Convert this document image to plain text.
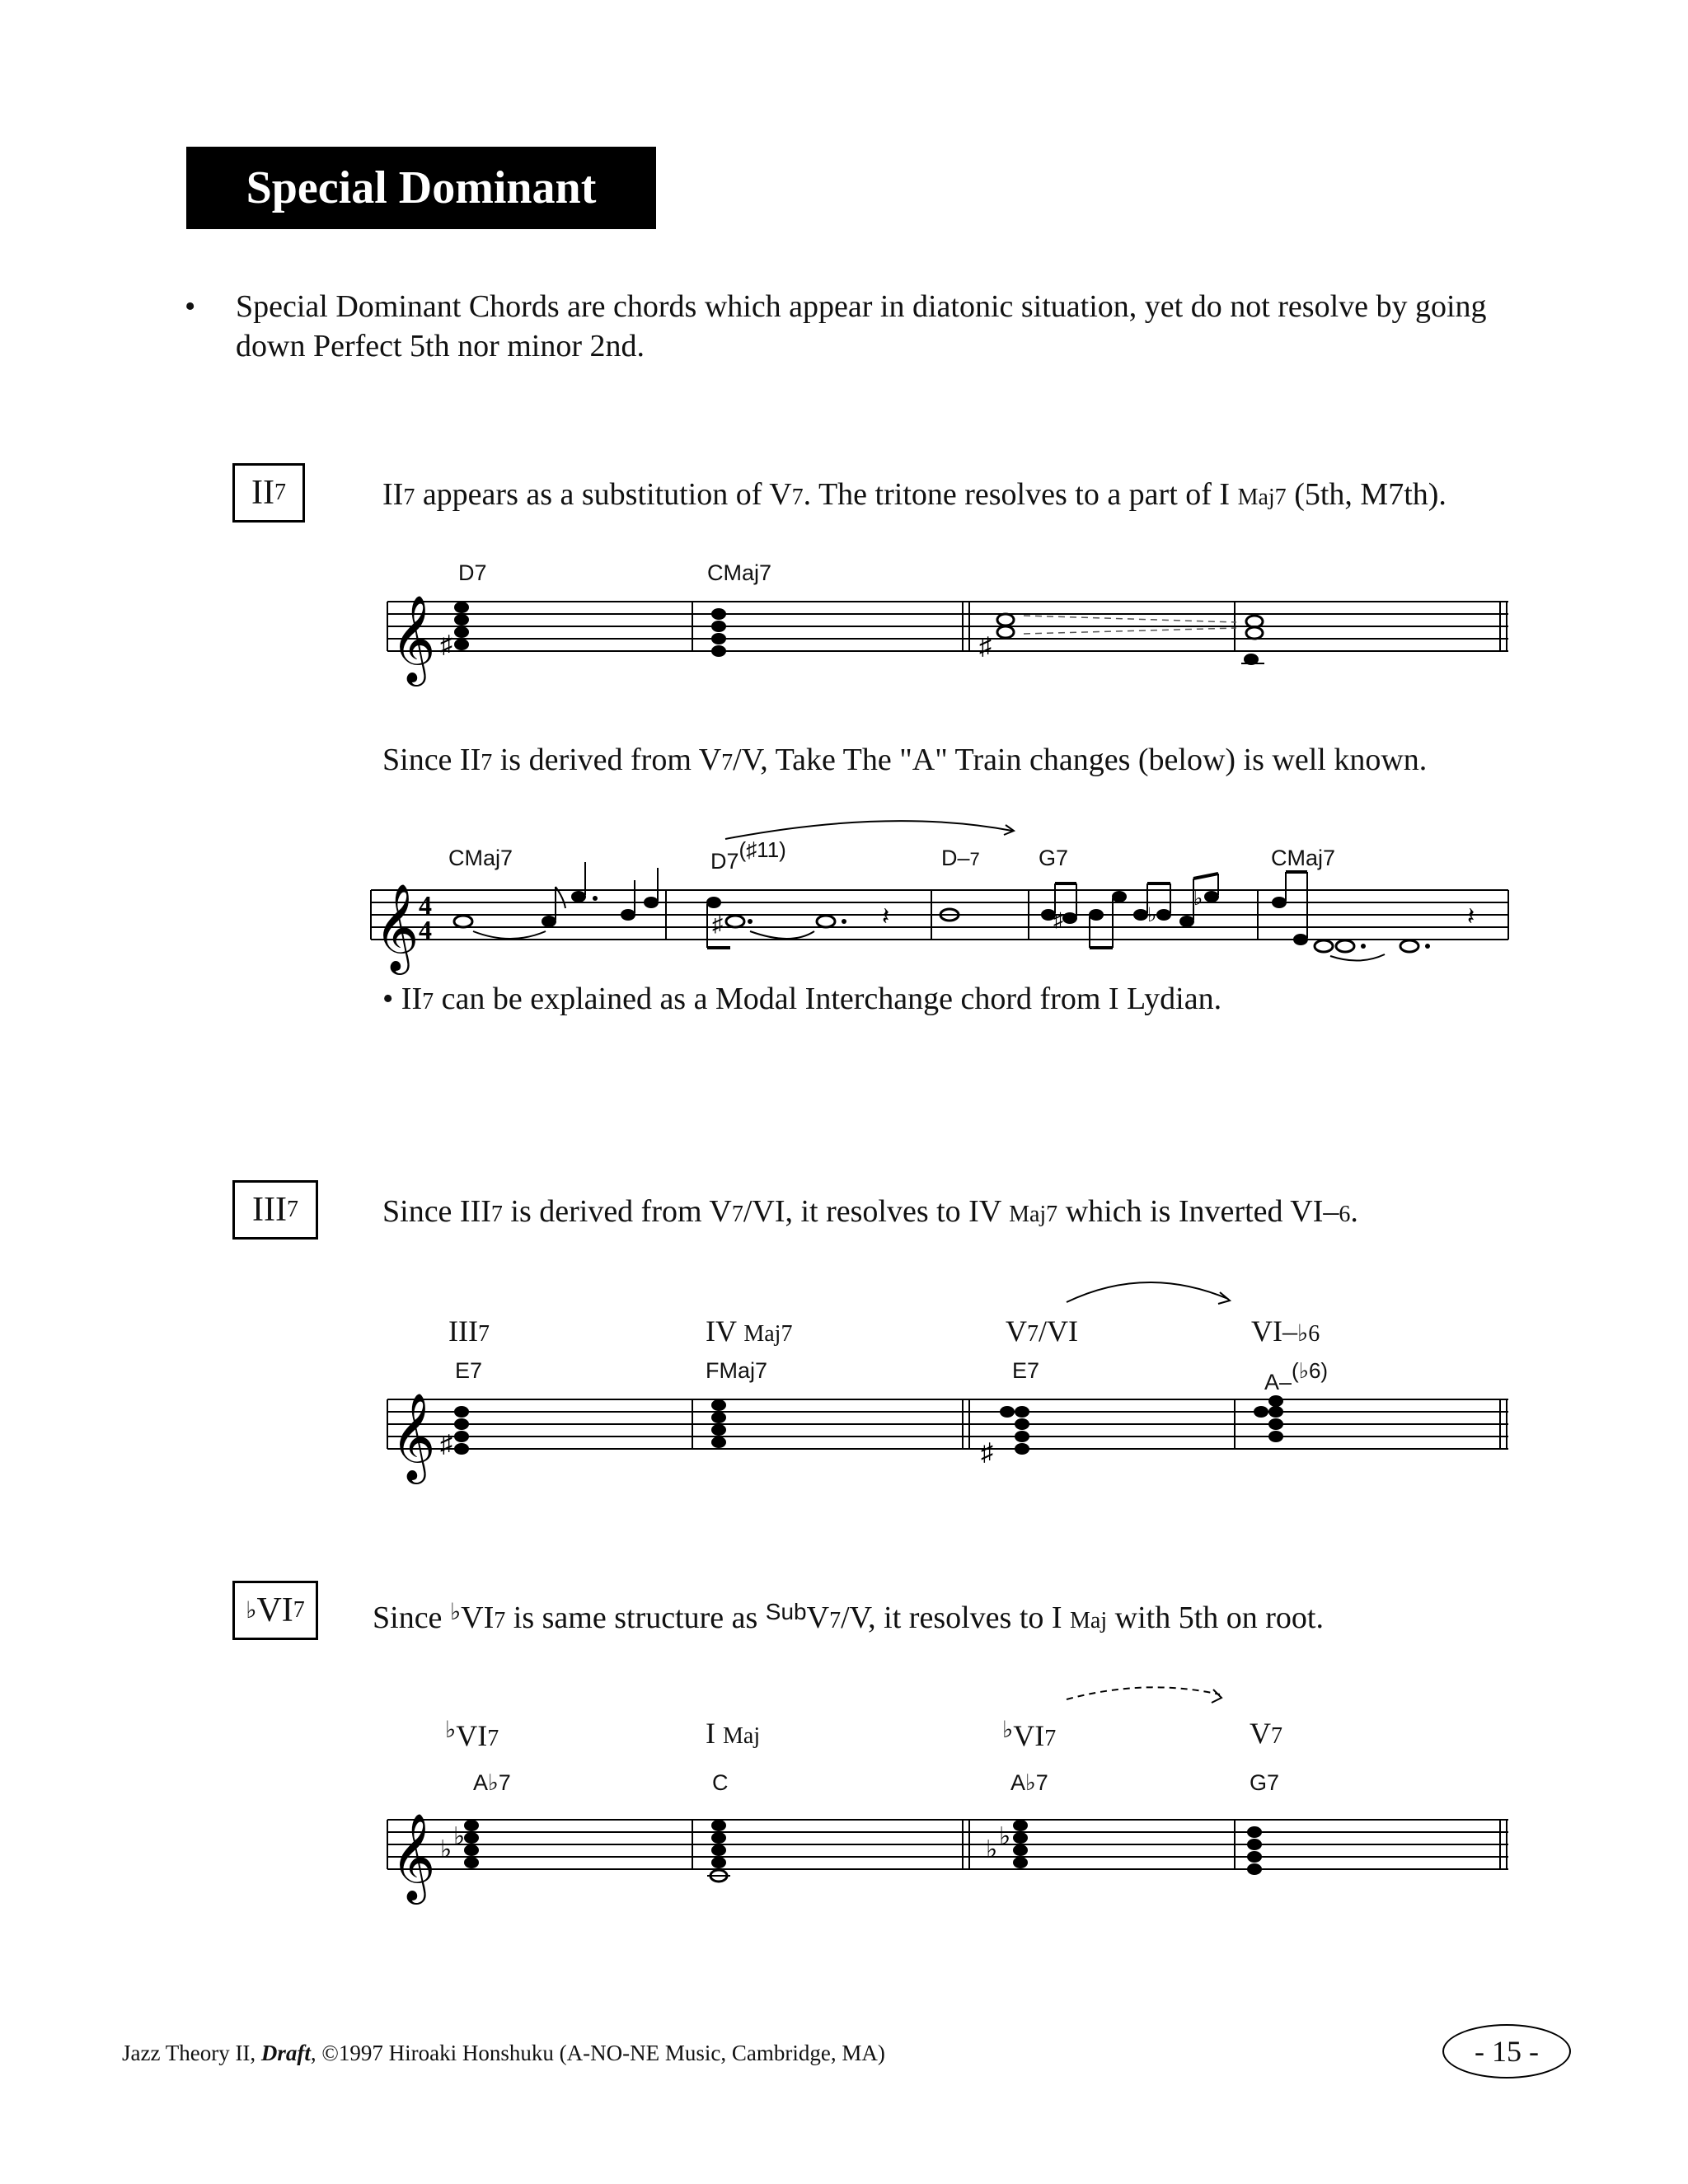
Special Dominant
• Special Dominant Chords are chords which appear in diatonic situation, yet do not resolve by going
down Perfect 5th nor minor 2nd.
II 7	II7 appears as a substitution of V7. The tritone resolves to a part of I Maj7 (5th, M7th).
D7	CMaj7
𝄞 ♯	♯
Since II7 is derived from V7/V, Take The "A" Train changes (below) is well known.
CMaj7	D7(♯11)	D–7	G7	CMaj7
𝄞 4
4	♯	𝄽	♯	♭
♭
𝄽
• II7 can be explained as a Modal Interchange chord from I Lydian.
III 7	Since III7 is derived from V7/VI, it resolves to IV Maj7 which is Inverted VI–6.
III7	IV Maj7	V7/VI	VI–♭6
E7	FMaj7	E7	A–(♭6)
𝄞 ♯	♯
♭ VI 7 Since ♭VI7 is same structure as $^{Sub}$V7/V, it resolves to I Maj with 5th on root.
♭VI7	I Maj	♭VI7	V7
A♭7	C	A♭7	G7
𝄞 ♭ ♭	♭ ♭
Jazz Theory II, Draft, ©1997 Hiroaki Honshuku (A-NO-NE Music, Cambridge, MA)	- 15 -
